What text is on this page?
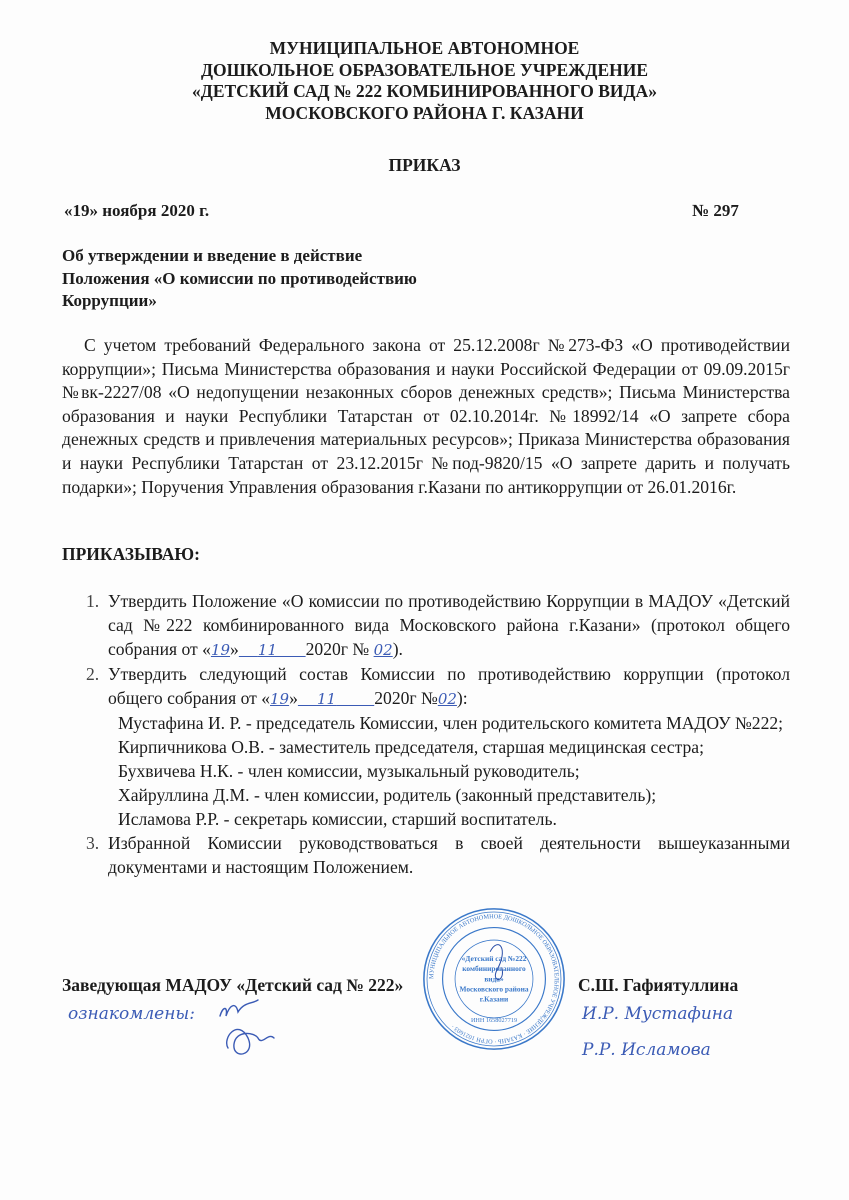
МУНИЦИПАЛЬНОЕ АВТОНОМНОЕ
ДОШКОЛЬНОЕ ОБРАЗОВАТЕЛЬНОЕ УЧРЕЖДЕНИЕ
«ДЕТСКИЙ САД № 222 КОМБИНИРОВАННОГО ВИДА»
МОСКОВСКОГО РАЙОНА Г. КАЗАНИ
ПРИКАЗ
«19» ноября 2020 г.	№ 297
Об утверждении и введение в действие
Положения «О комиссии по противодействию
Коррупции»
С учетом требований Федерального закона от 25.12.2008г №273-ФЗ «О противодействии коррупции»; Письма Министерства образования и науки Российской Федерации от 09.09.2015г №вк-2227/08 «О недопущении незаконных сборов денежных средств»; Письма Министерства образования и науки Республики Татарстан от 02.10.2014г. №18992/14 «О запрете сбора денежных средств и привлечения материальных ресурсов»; Приказа Министерства образования и науки Республики Татарстан от 23.12.2015г №под-9820/15 «О запрете дарить и получать подарки»; Поручения Управления образования г.Казани по антикоррупции от 26.01.2016г.
ПРИКАЗЫВАЮ:
1. Утвердить Положение «О комиссии по противодействию Коррупции в МАДОУ «Детский сад №222 комбинированного вида Московского района г.Казани» (протокол общего собрания от «19» 11 2020г № 02).
2. Утвердить следующий состав Комиссии по противодействию коррупции (протокол общего собрания от «19» 11 2020г №02):
Мустафина И. Р. - председатель Комиссии, член родительского комитета МАДОУ №222;
Кирпичникова О.В. - заместитель председателя, старшая медицинская сестра;
Бухвичева Н.К. - член комиссии, музыкальный руководитель;
Хайруллина Д.М. - член комиссии, родитель (законный представитель);
Исламова Р.Р. - секретарь комиссии, старший воспитатель.
3. Избранной Комиссии руководствоваться в своей деятельности вышеуказанными документами и настоящим Положением.
МУНИЦИПАЛЬНОЕ АВТОНОМНОЕ ДОШКОЛЬНОЕ ОБРАЗОВАТЕЛЬНОЕ УЧРЕЖДЕНИЕ · КАЗАНЬ · ОГРН 1021603 ·
«Детский сад №222
комбинированного
вида»
Московского района
г.Казани
ИНН 1658027719
Заведующая МАДОУ «Детский сад № 222»	С.Ш. Гафиятуллина
ознакомлены:	И.Р. Мустафина
Р.Р. Исламова
